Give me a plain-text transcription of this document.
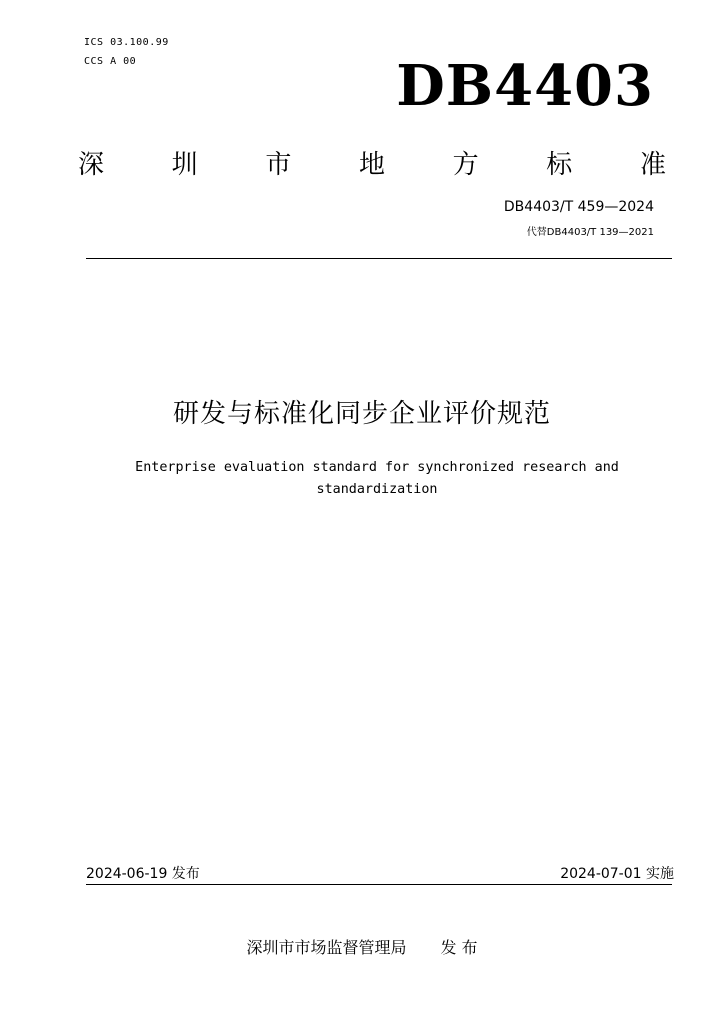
ICS 03.100.99
CCS A 00	DB4403
深	圳	市	地	方	标	准
DB4403/T 459—2024
代替DB4403/T 139—2021
研发与标准化同步企业评价规范
Enterprise evaluation standard for synchronized research and standardization
2024-06-19 发布	2024-07-01 实施
深圳市市场监督管理局 发 布
